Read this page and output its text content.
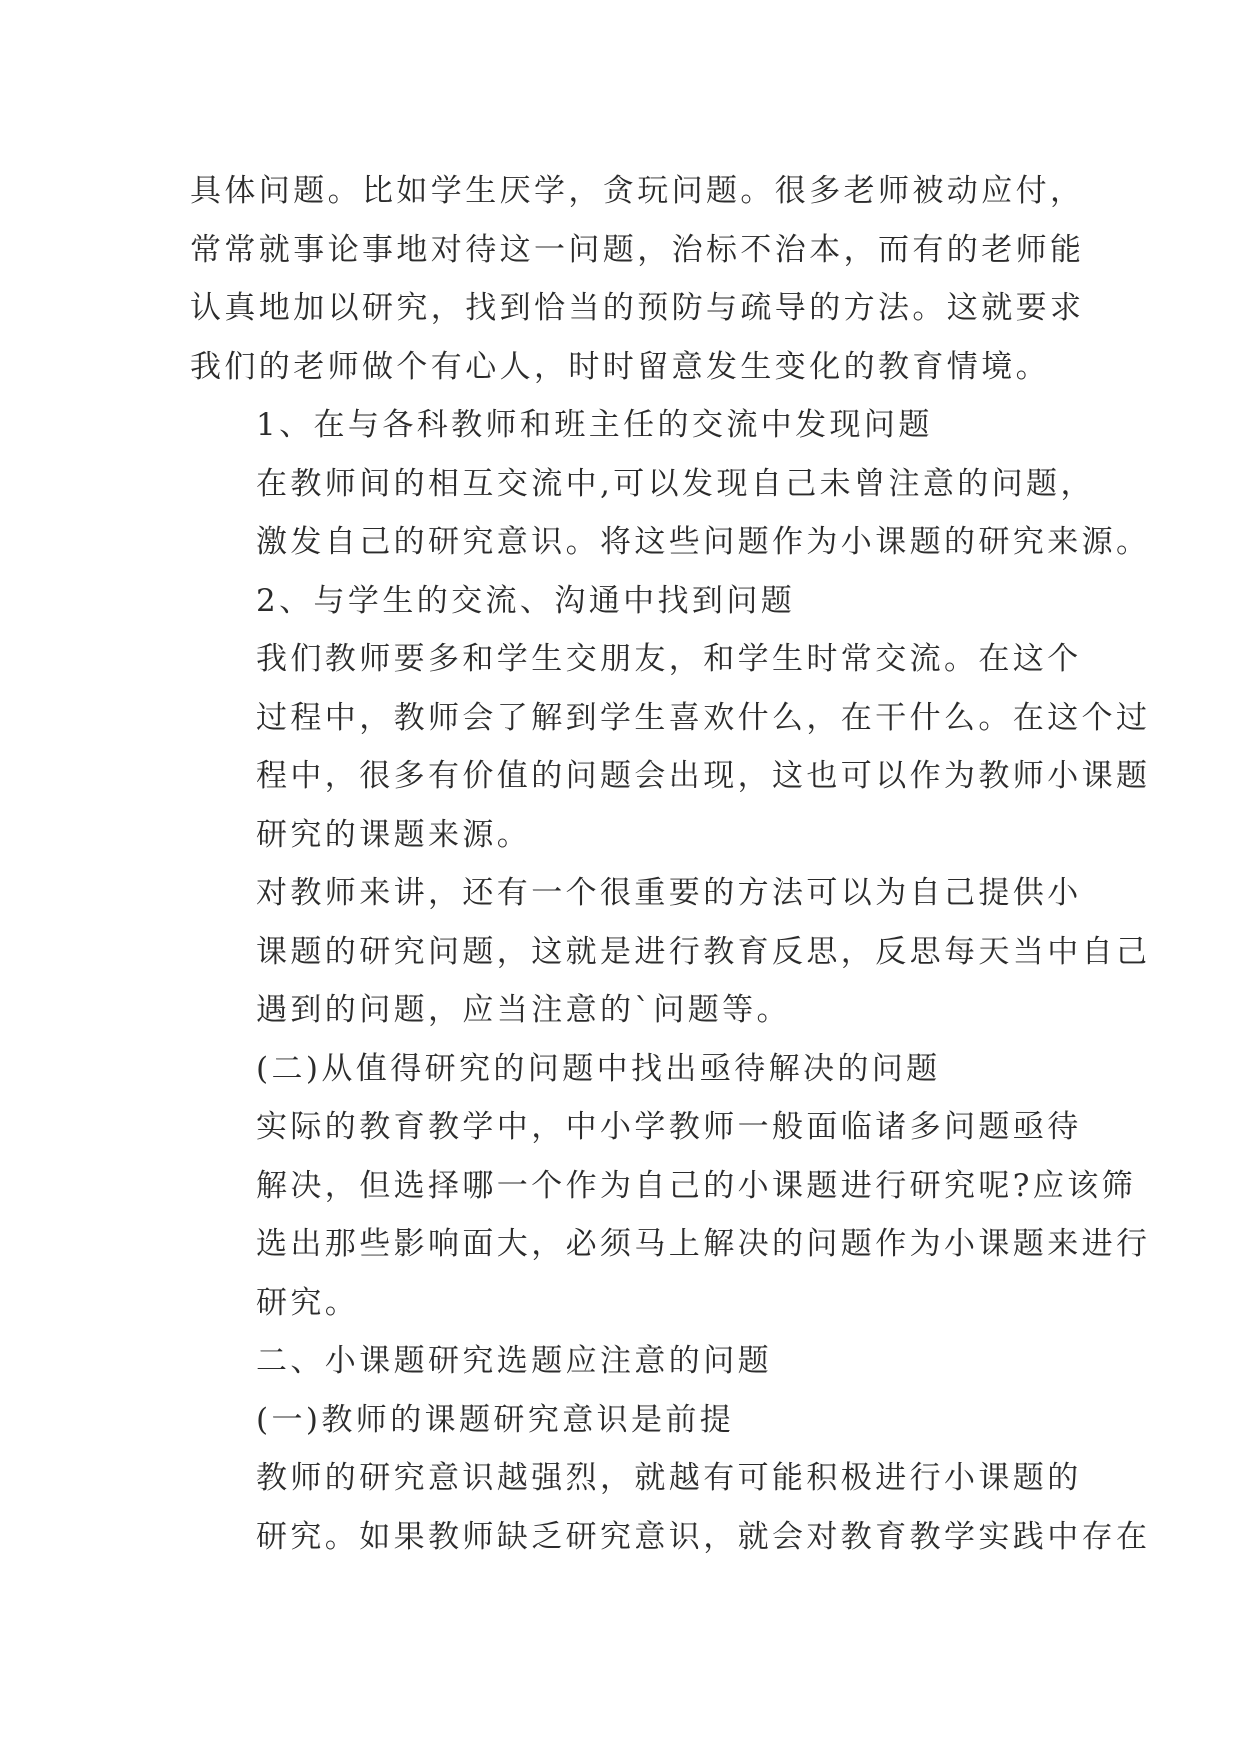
具体问题。比如学生厌学，贪玩问题。很多老师被动应付，
常常就事论事地对待这一问题，治标不治本，而有的老师能
认真地加以研究，找到恰当的预防与疏导的方法。这就要求
我们的老师做个有心人，时时留意发生变化的教育情境。

1、在与各科教师和班主任的交流中发现问题

在教师间的相互交流中,可以发现自己未曾注意的问题，
激发自己的研究意识。将这些问题作为小课题的研究来源。

2、与学生的交流、沟通中找到问题

我们教师要多和学生交朋友，和学生时常交流。在这个
过程中，教师会了解到学生喜欢什么，在干什么。在这个过
程中，很多有价值的问题会出现，这也可以作为教师小课题
研究的课题来源。

对教师来讲，还有一个很重要的方法可以为自己提供小
课题的研究问题，这就是进行教育反思，反思每天当中自己
遇到的问题，应当注意的`问题等。

(二)从值得研究的问题中找出亟待解决的问题

实际的教育教学中，中小学教师一般面临诸多问题亟待
解决，但选择哪一个作为自己的小课题进行研究呢?应该筛
选出那些影响面大，必须马上解决的问题作为小课题来进行
研究。

二、小课题研究选题应注意的问题

(一)教师的课题研究意识是前提

教师的研究意识越强烈，就越有可能积极进行小课题的
研究。如果教师缺乏研究意识，就会对教育教学实践中存在
